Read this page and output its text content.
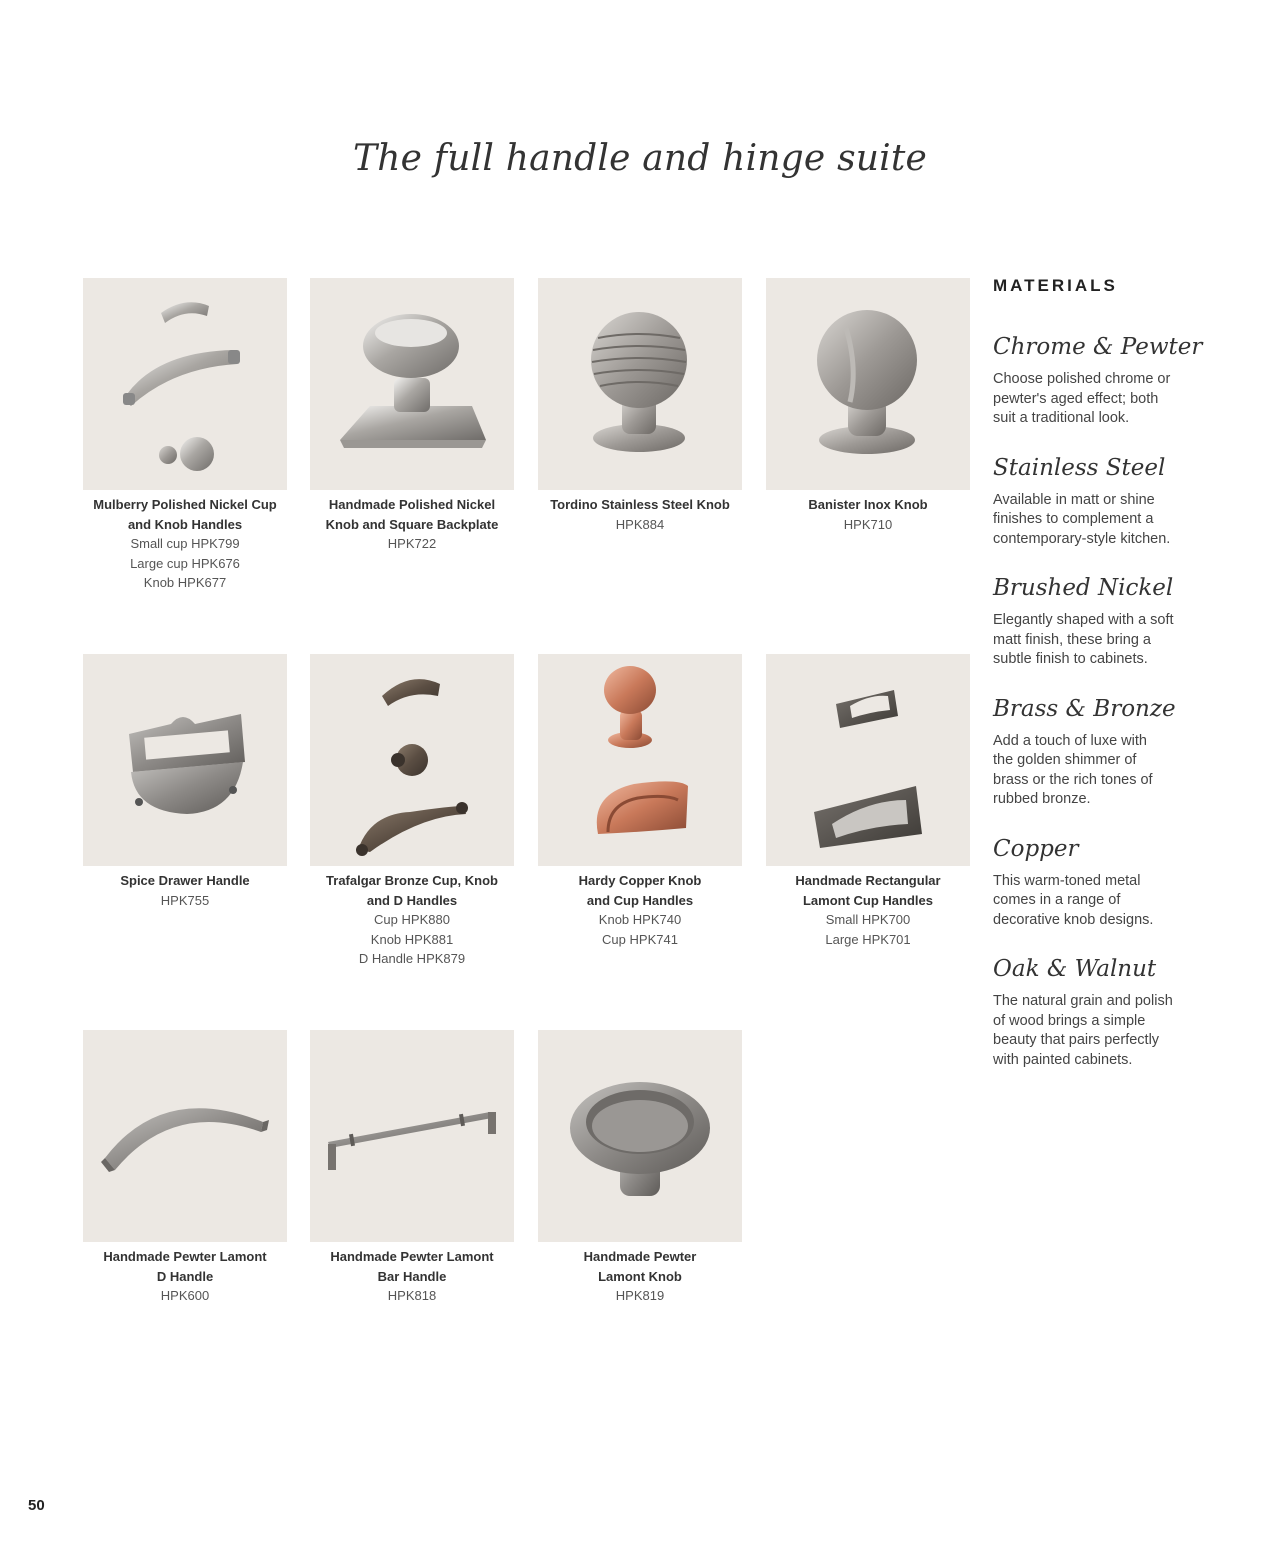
The full handle and hinge suite
Mulberry Polished Nickel Cup
and Knob Handles
Small cup HPK799
Large cup HPK676
Knob HPK677
Handmade Polished Nickel
Knob and Square Backplate
HPK722
Tordino Stainless Steel Knob
HPK884
Banister Inox Knob
HPK710
Spice Drawer Handle
HPK755
Trafalgar Bronze Cup, Knob
and D Handles
Cup HPK880
Knob HPK881
D Handle HPK879
Hardy Copper Knob
and Cup Handles
Knob HPK740
Cup HPK741
Handmade Rectangular
Lamont Cup Handles
Small HPK700
Large HPK701
Handmade Pewter Lamont
D Handle
HPK600
Handmade Pewter Lamont
Bar Handle
HPK818
Handmade Pewter
Lamont Knob
HPK819
MATERIALS
Chrome & Pewter
Choose polished chrome or
pewter's aged effect; both
suit a traditional look.
Stainless Steel
Available in matt or shine
finishes to complement a
contemporary-style kitchen.
Brushed Nickel
Elegantly shaped with a soft
matt finish, these bring a
subtle finish to cabinets.
Brass & Bronze
Add a touch of luxe with
the golden shimmer of
brass or the rich tones of
rubbed bronze.
Copper
This warm-toned metal
comes in a range of
decorative knob designs.
Oak & Walnut
The natural grain and polish
of wood brings a simple
beauty that pairs perfectly
with painted cabinets.
50
